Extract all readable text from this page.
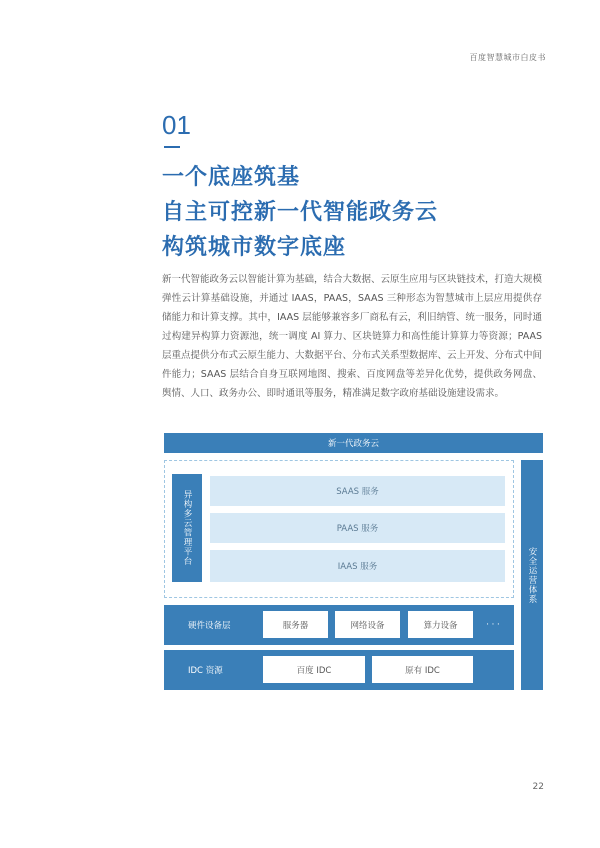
百度智慧城市白皮书
01
一个底座筑基
自主可控新一代智能政务云
构筑城市数字底座
新一代智能政务云以智能计算为基础，结合大数据、云原生应用与区块链技术，打造大规模弹性云计算基础设施，并通过 IAAS，PAAS，SAAS 三种形态为智慧城市上层应用提供存储能力和计算支撑。其中，IAAS 层能够兼容多厂商私有云，利旧纳管、统一服务，同时通过构建异构算力资源池，统一调度 AI 算力、区块链算力和高性能计算算力等资源；PAAS 层重点提供分布式云原生能力、大数据平台、分布式关系型数据库、云上开发、分布式中间件能力；SAAS 层结合自身互联网地图、搜索、百度网盘等差异化优势，提供政务网盘、舆情、人口、政务办公、即时通讯等服务，精准满足数字政府基础设施建设需求。
新一代政务云
异构多云管理平台	SAAS 服务
PAAS 服务
IAAS 服务	安全运营体系
硬件设备层	服务器	网络设备	算力设备	· · ·
IDC 资源	百度 IDC	原有 IDC
22
